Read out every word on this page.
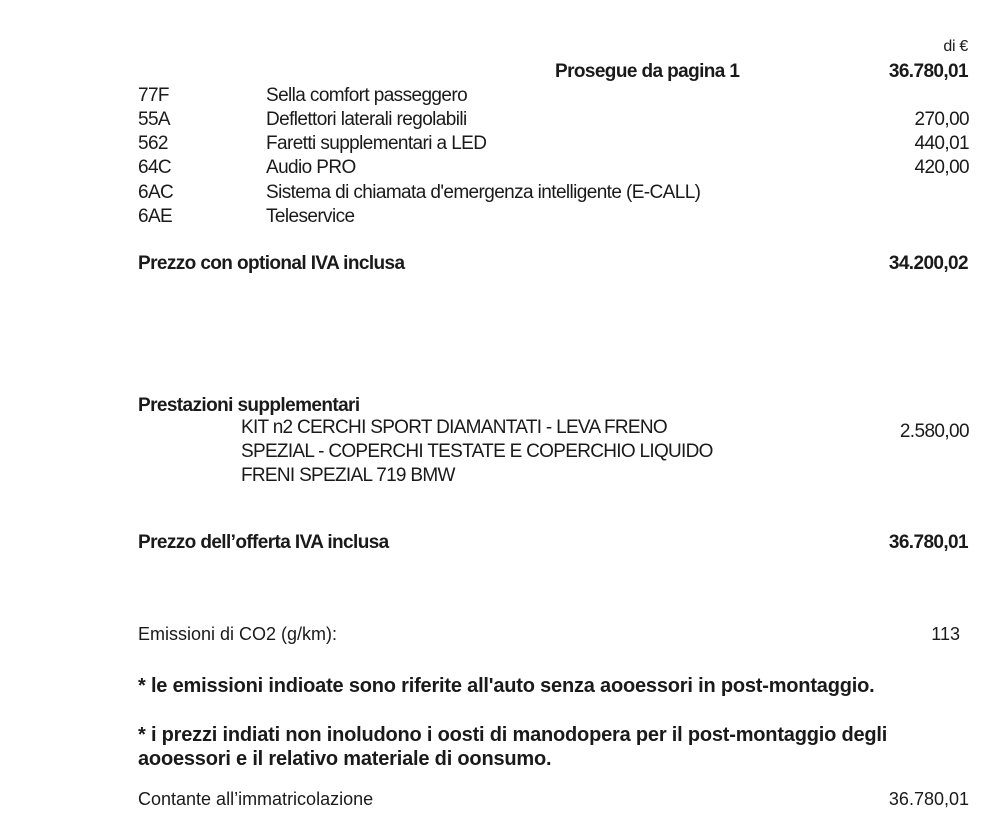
di €
Prosegue da pagina 1	36.780,01
77F	Sella comfort passeggero
55A	Deflettori laterali regolabili	270,00
562	Faretti supplementari a LED	440,01
64C	Audio PRO	420,00
6AC	Sistema di chiamata d'emergenza intelligente (E-CALL)
6AE	Teleservice
Prezzo con optional IVA inclusa	34.200,02
Prestazioni supplementari
KIT n2 CERCHI SPORT DIAMANTATI - LEVA FRENO
SPEZIAL - COPERCHI TESTATE E COPERCHIO LIQUIDO
FRENI SPEZIAL 719 BMW
2.580,00
Prezzo dell’offerta IVA inclusa	36.780,01
Emissioni di CO2 (g/km):	113
* le emissioni indioate sono riferite all'auto senza aooessori in post-montaggio.
* i prezzi indiati non inoludono i oosti di manodopera per il post-montaggio degli aooessori e il relativo materiale di oonsumo.
Contante all’immatricolazione	36.780,01
